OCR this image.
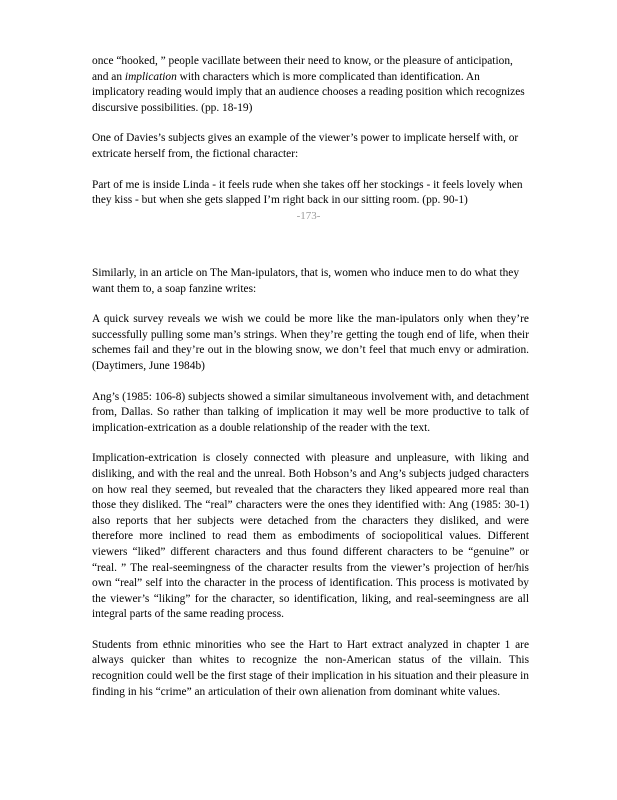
once “hooked, ” people vacillate between their need to know, or the pleasure of anticipation, and an implication with characters which is more complicated than identification. An implicatory reading would imply that an audience chooses a reading position which recognizes discursive possibilities. (pp. 18-19)

One of Davies’s subjects gives an example of the viewer’s power to implicate herself with, or extricate herself from, the fictional character:

Part of me is inside Linda - it feels rude when she takes off her stockings - it feels lovely when they kiss - but when she gets slapped I’m right back in our sitting room. (pp. 90-1)

-173-

Similarly, in an article on The Man-ipulators, that is, women who induce men to do what they want them to, a soap fanzine writes:

A quick survey reveals we wish we could be more like the man-ipulators only when they’re successfully pulling some man’s strings. When they’re getting the tough end of life, when their schemes fail and they’re out in the blowing snow, we don’t feel that much envy or admiration. (Daytimers, June 1984b)

Ang’s (1985: 106-8) subjects showed a similar simultaneous involvement with, and detachment from, Dallas. So rather than talking of implication it may well be more productive to talk of implication-extrication as a double relationship of the reader with the text.

Implication-extrication is closely connected with pleasure and unpleasure, with liking and disliking, and with the real and the unreal. Both Hobson’s and Ang’s subjects judged characters on how real they seemed, but revealed that the characters they liked appeared more real than those they disliked. The “real” characters were the ones they identified with: Ang (1985: 30-1) also reports that her subjects were detached from the characters they disliked, and were therefore more inclined to read them as embodiments of sociopolitical values. Different viewers “liked” different characters and thus found different characters to be “genuine” or “real. ” The real-seemingness of the character results from the viewer’s projection of her/his own “real” self into the character in the process of identification. This process is motivated by the viewer’s “liking” for the character, so identification, liking, and real-seemingness are all integral parts of the same reading process.

Students from ethnic minorities who see the Hart to Hart extract analyzed in chapter 1 are always quicker than whites to recognize the non-American status of the villain. This recognition could well be the first stage of their implication in his situation and their pleasure in finding in his “crime” an articulation of their own alienation from dominant white values.
